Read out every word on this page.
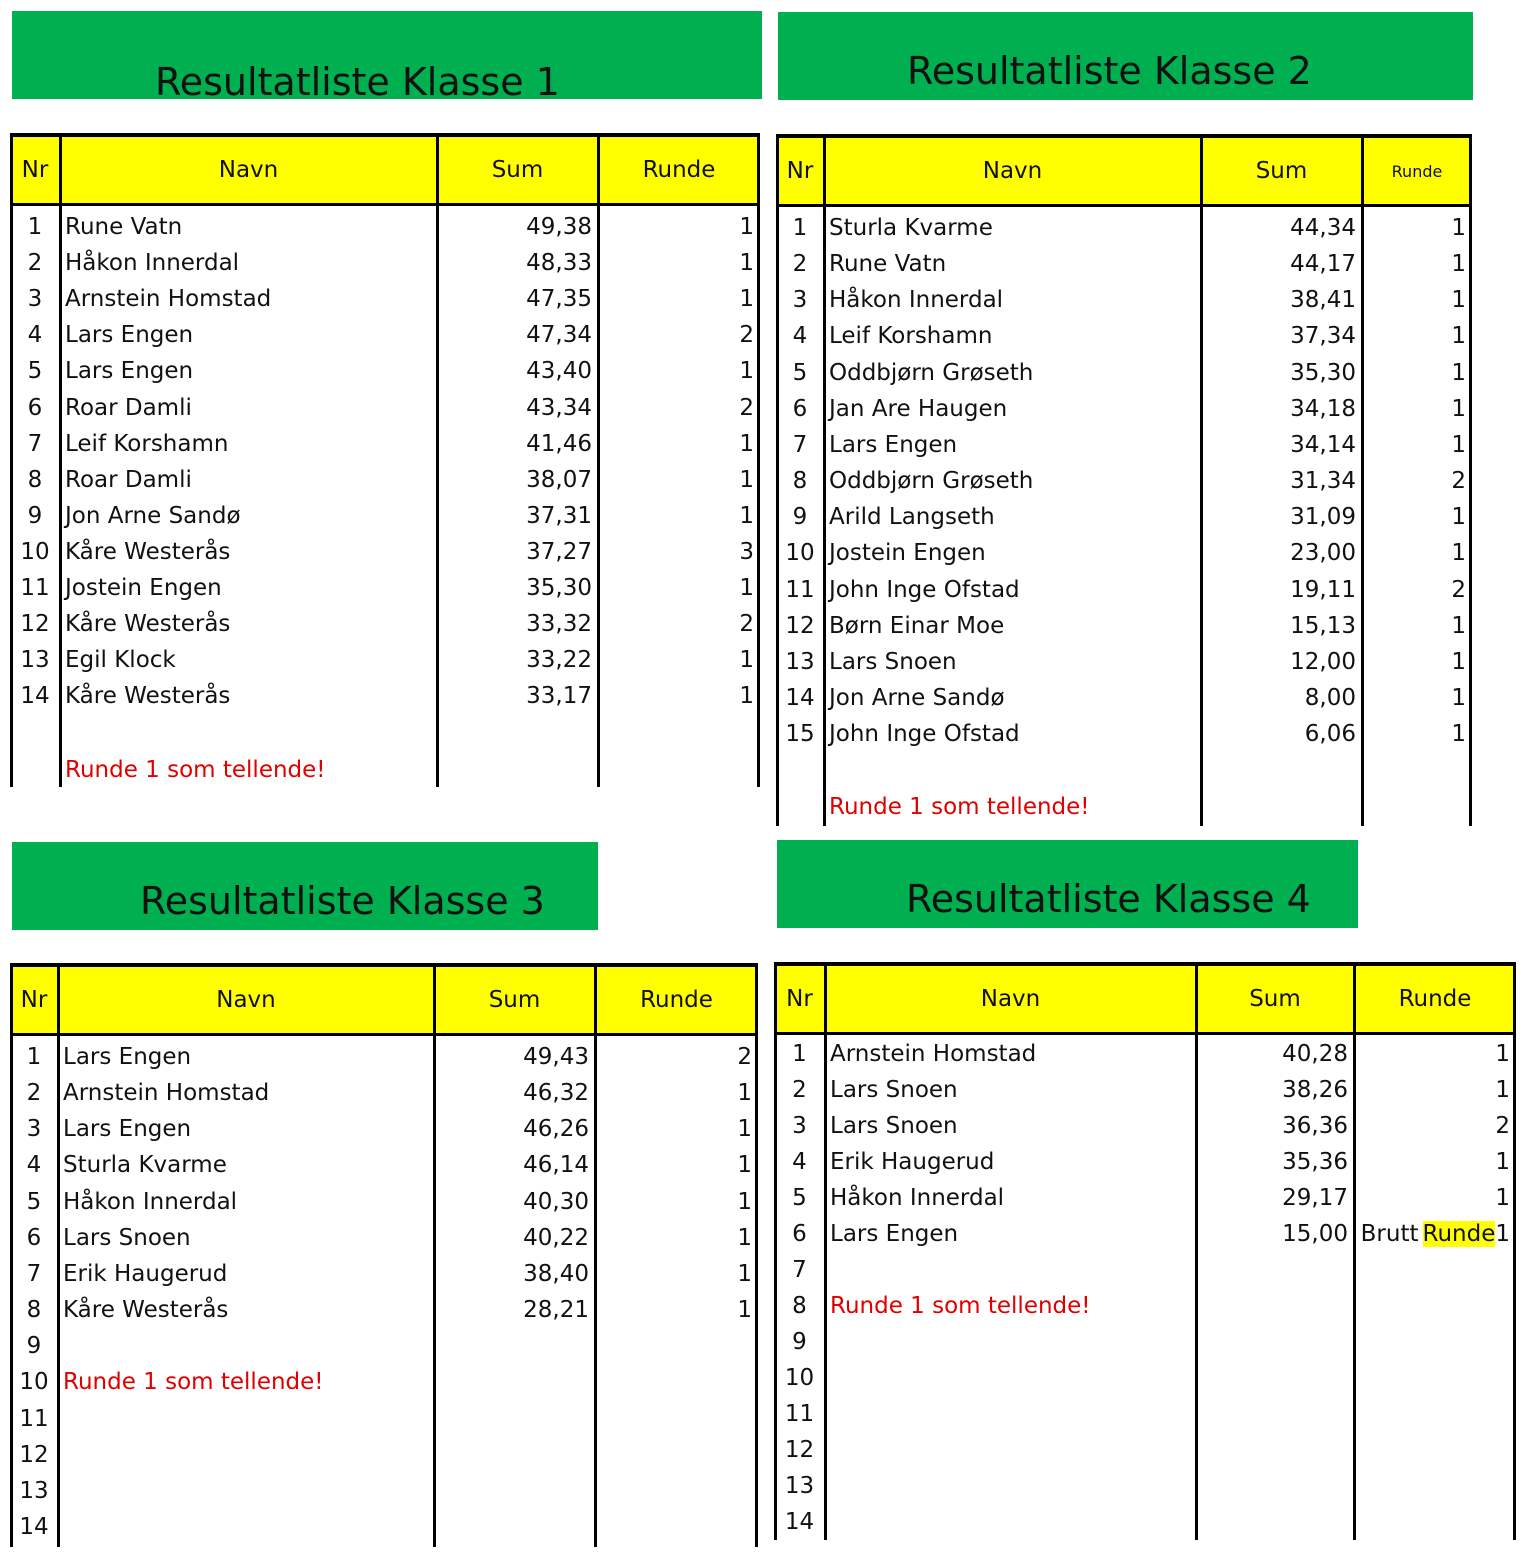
Resultatliste Klasse 1
Nr	Navn	Sum	Runde
1 Rune Vatn	49,38	1
2 Håkon Innerdal	48,33	1
3 Arnstein Homstad	47,35	1
4 Lars Engen	47,34	2
5 Lars Engen	43,40	1
6 Roar Damli	43,34	2
7 Leif Korshamn	41,46	1
8 Roar Damli	38,07	1
9 Jon Arne Sandø	37,31	1
10 Kåre Westerås	37,27	3
11 Jostein Engen	35,30	1
12 Kåre Westerås	33,32	2
13 Egil Klock	33,22	1
14 Kåre Westerås	33,17	1
Runde 1 som tellende!
Resultatliste Klasse 2
Nr	Navn	Sum	Runde
1 Sturla Kvarme	44,34	1
2 Rune Vatn	44,17	1
3 Håkon Innerdal	38,41	1
4 Leif Korshamn	37,34	1
5 Oddbjørn Grøseth	35,30	1
6 Jan Are Haugen	34,18	1
7 Lars Engen	34,14	1
8 Oddbjørn Grøseth	31,34	2
9 Arild Langseth	31,09	1
10 Jostein Engen	23,00	1
11 John Inge Ofstad	19,11	2
12 Børn Einar Moe	15,13	1
13 Lars Snoen	12,00	1
14 Jon Arne Sandø	8,00	1
15 John Inge Ofstad	6,06	1
Runde 1 som tellende!
Resultatliste Klasse 3
Nr	Navn	Sum	Runde
1 Lars Engen	49,43	2
2 Arnstein Homstad	46,32	1
3 Lars Engen	46,26	1
4 Sturla Kvarme	46,14	1
5 Håkon Innerdal	40,30	1
6 Lars Snoen	40,22	1
7 Erik Haugerud	38,40	1
8 Kåre Westerås	28,21	1
9
10 Runde 1 som tellende!
11
12
13
14
Resultatliste Klasse 4
Nr	Navn	Sum	Runde
1	Arnstein Homstad	40,28	1
2	Lars Snoen	38,26	1
3	Lars Snoen	36,36	2
4	Erik Haugerud	35,36	1
5	Håkon Innerdal	29,17	1
6	Lars Engen	15,00 Brutt Runde1
7
8	Runde 1 som tellende!
9
10
11
12
13
14
